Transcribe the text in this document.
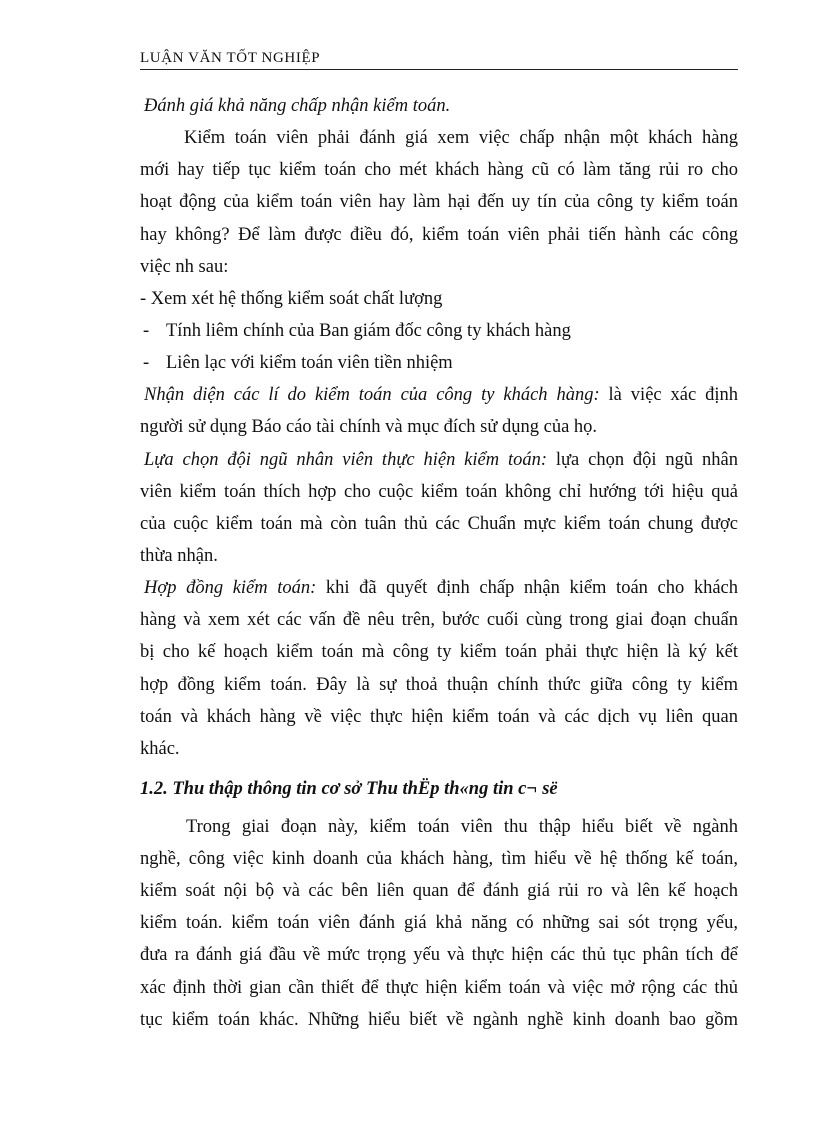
LUẬN VĂN TỐT NGHIỆP
Đánh giá khả năng chấp nhận kiểm toán.
Kiểm toán viên phải đánh giá xem việc chấp nhận một khách hàng
mới hay tiếp tục kiểm toán cho mét khách hàng cũ có làm tăng rủi ro cho
hoạt động của kiểm toán viên hay làm hại đến uy tín của công ty kiểm toán
hay không? Để làm được điều đó, kiểm toán viên phải tiến hành các công
việc nh sau:
- Xem xét hệ thống kiểm soát chất lượng
- Tính liêm chính của Ban giám đốc công ty khách hàng
- Liên lạc với kiểm toán viên tiền nhiệm
Nhận diện các lí do kiểm toán của công ty khách hàng: là việc xác định
người sử dụng Báo cáo tài chính và mục đích sử dụng của họ.
Lựa chọn đội ngũ nhân viên thực hiện kiểm toán: lựa chọn đội ngũ nhân
viên kiểm toán thích hợp cho cuộc kiểm toán không chỉ hướng tới hiệu quả
của cuộc kiểm toán mà còn tuân thủ các Chuẩn mực kiểm toán chung được
thừa nhận.
Hợp đồng kiểm toán: khi đã quyết định chấp nhận kiểm toán cho khách
hàng và xem xét các vấn đề nêu trên, bước cuối cùng trong giai đoạn chuẩn
bị cho kế hoạch kiểm toán mà công ty kiểm toán phải thực hiện là ký kết
hợp đồng kiểm toán. Đây là sự thoả thuận chính thức giữa công ty kiểm
toán và khách hàng về việc thực hiện kiểm toán và các dịch vụ liên quan
khác.
1.2. Thu thập thông tin cơ sở Thu thËp th«ng tin c¬ së
Trong giai đoạn này, kiểm toán viên thu thập hiểu biết về ngành
nghề, công việc kinh doanh của khách hàng, tìm hiểu về hệ thống kế toán,
kiểm soát nội bộ và các bên liên quan để đánh giá rủi ro và lên kế hoạch
kiểm toán. kiểm toán viên đánh giá khả năng có những sai sót trọng yếu,
đưa ra đánh giá đầu về mức trọng yếu và thực hiện các thủ tục phân tích để
xác định thời gian cần thiết để thực hiện kiểm toán và việc mở rộng các thủ
tục kiểm toán khác. Những hiểu biết về ngành nghề kinh doanh bao gồm
